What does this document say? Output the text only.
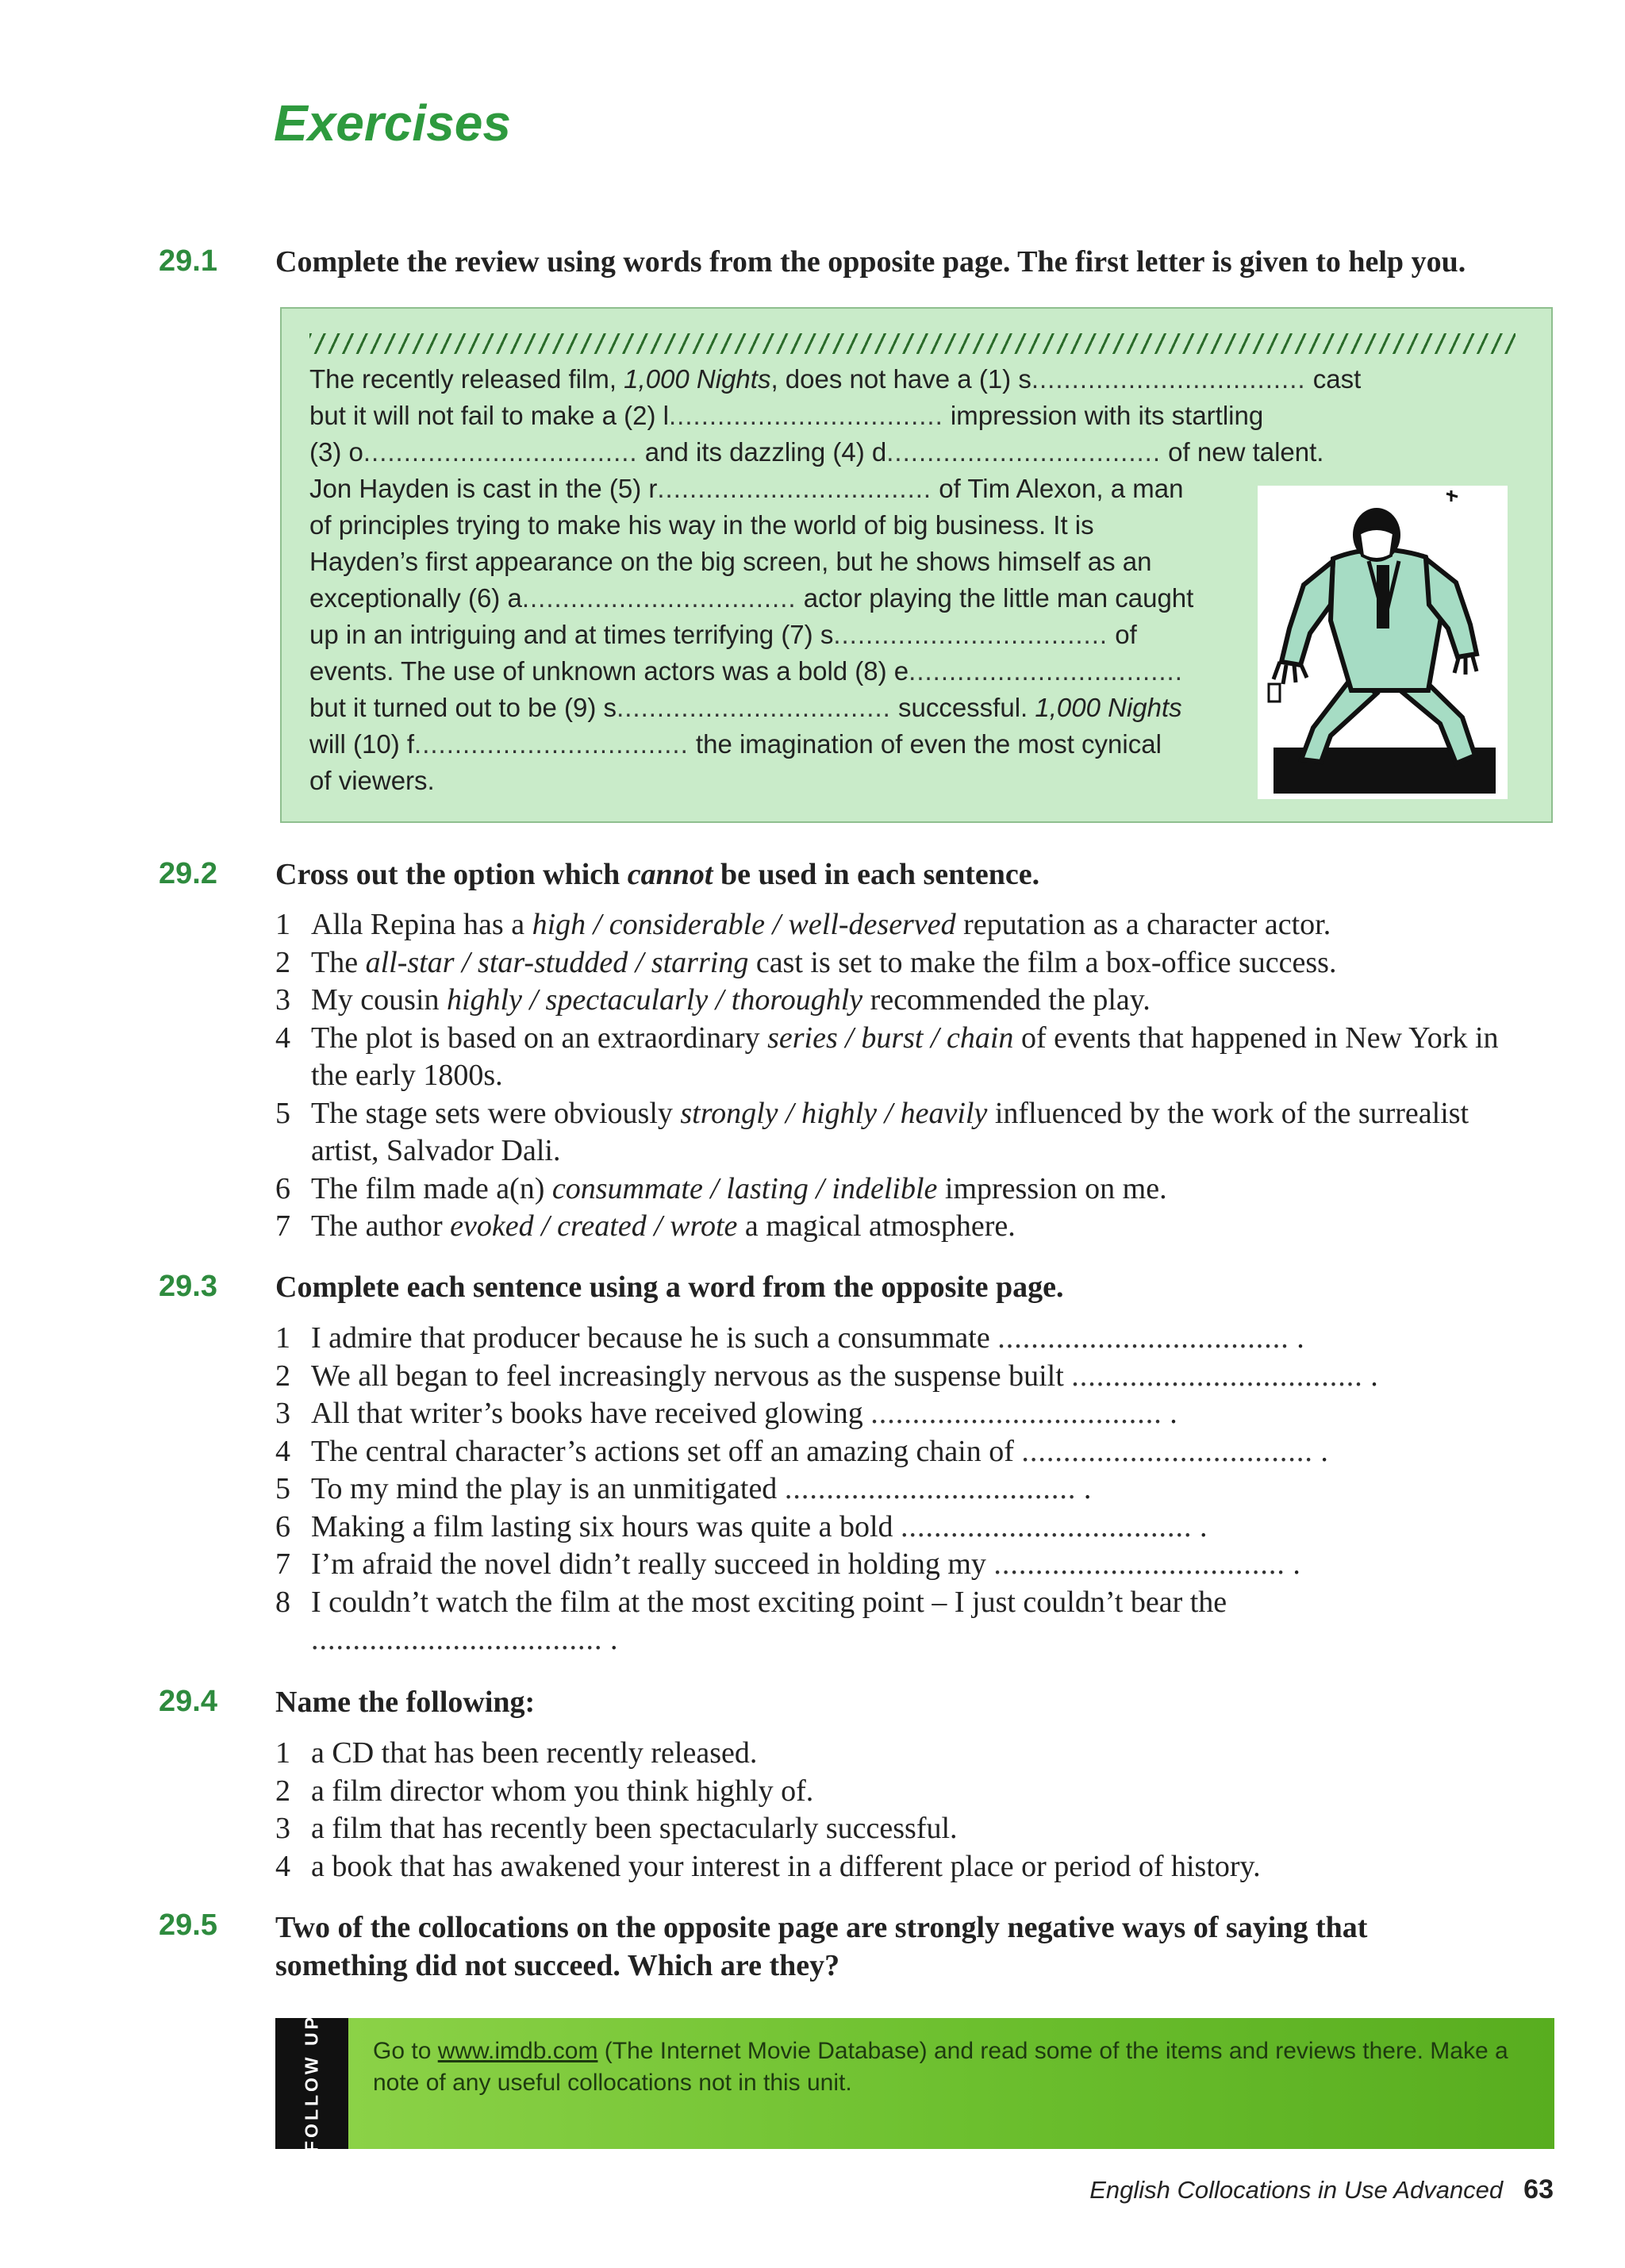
Exercises
29.1 Complete the review using words from the opposite page. The first letter is given to help you.
The recently released film, 1,000 Nights, does not have a (1) s.................................. cast
but it will not fail to make a (2) l.................................. impression with its startling
(3) o.................................. and its dazzling (4) d.................................. of new talent.
Jon Hayden is cast in the (5) r.................................. of Tim Alexon, a man
of principles trying to make his way in the world of big business. It is
Hayden’s first appearance on the big screen, but he shows himself as an
exceptionally (6) a.................................. actor playing the little man caught
up in an intriguing and at times terrifying (7) s.................................. of
events. The use of unknown actors was a bold (8) e..................................
but it turned out to be (9) s.................................. successful. 1,000 Nights
will (10) f.................................. the imagination of even the most cynical
of viewers.
29.2 Cross out the option which cannot be used in each sentence.
1 Alla Repina has a high / considerable / well-deserved reputation as a character actor.
2 The all-star / star-studded / starring cast is set to make the film a box-office success.
3 My cousin highly / spectacularly / thoroughly recommended the play.
4 The plot is based on an extraordinary series / burst / chain of events that happened in New York in the early 1800s.
5 The stage sets were obviously strongly / highly / heavily influenced by the work of the surrealist artist, Salvador Dali.
6 The film made a(n) consummate / lasting / indelible impression on me.
7 The author evoked / created / wrote a magical atmosphere.
29.3 Complete each sentence using a word from the opposite page.
1 I admire that producer because he is such a consummate ................................... .
2 We all began to feel increasingly nervous as the suspense built ................................... .
3 All that writer’s books have received glowing ................................... .
4 The central character’s actions set off an amazing chain of ................................... .
5 To my mind the play is an unmitigated ................................... .
6 Making a film lasting six hours was quite a bold ................................... .
7 I’m afraid the novel didn’t really succeed in holding my ................................... .
8 I couldn’t watch the film at the most exciting point – I just couldn’t bear the ................................... .
29.4 Name the following:
1 a CD that has been recently released.
2 a film director whom you think highly of.
3 a film that has recently been spectacularly successful.
4 a book that has awakened your interest in a different place or period of history.
29.5 Two of the collocations on the opposite page are strongly negative ways of saying that something did not succeed. Which are they?
FOLLOW UP Go to www.imdb.com (The Internet Movie Database) and read some of the items and reviews there. Make a note of any useful collocations not in this unit.
English Collocations in Use Advanced 63
